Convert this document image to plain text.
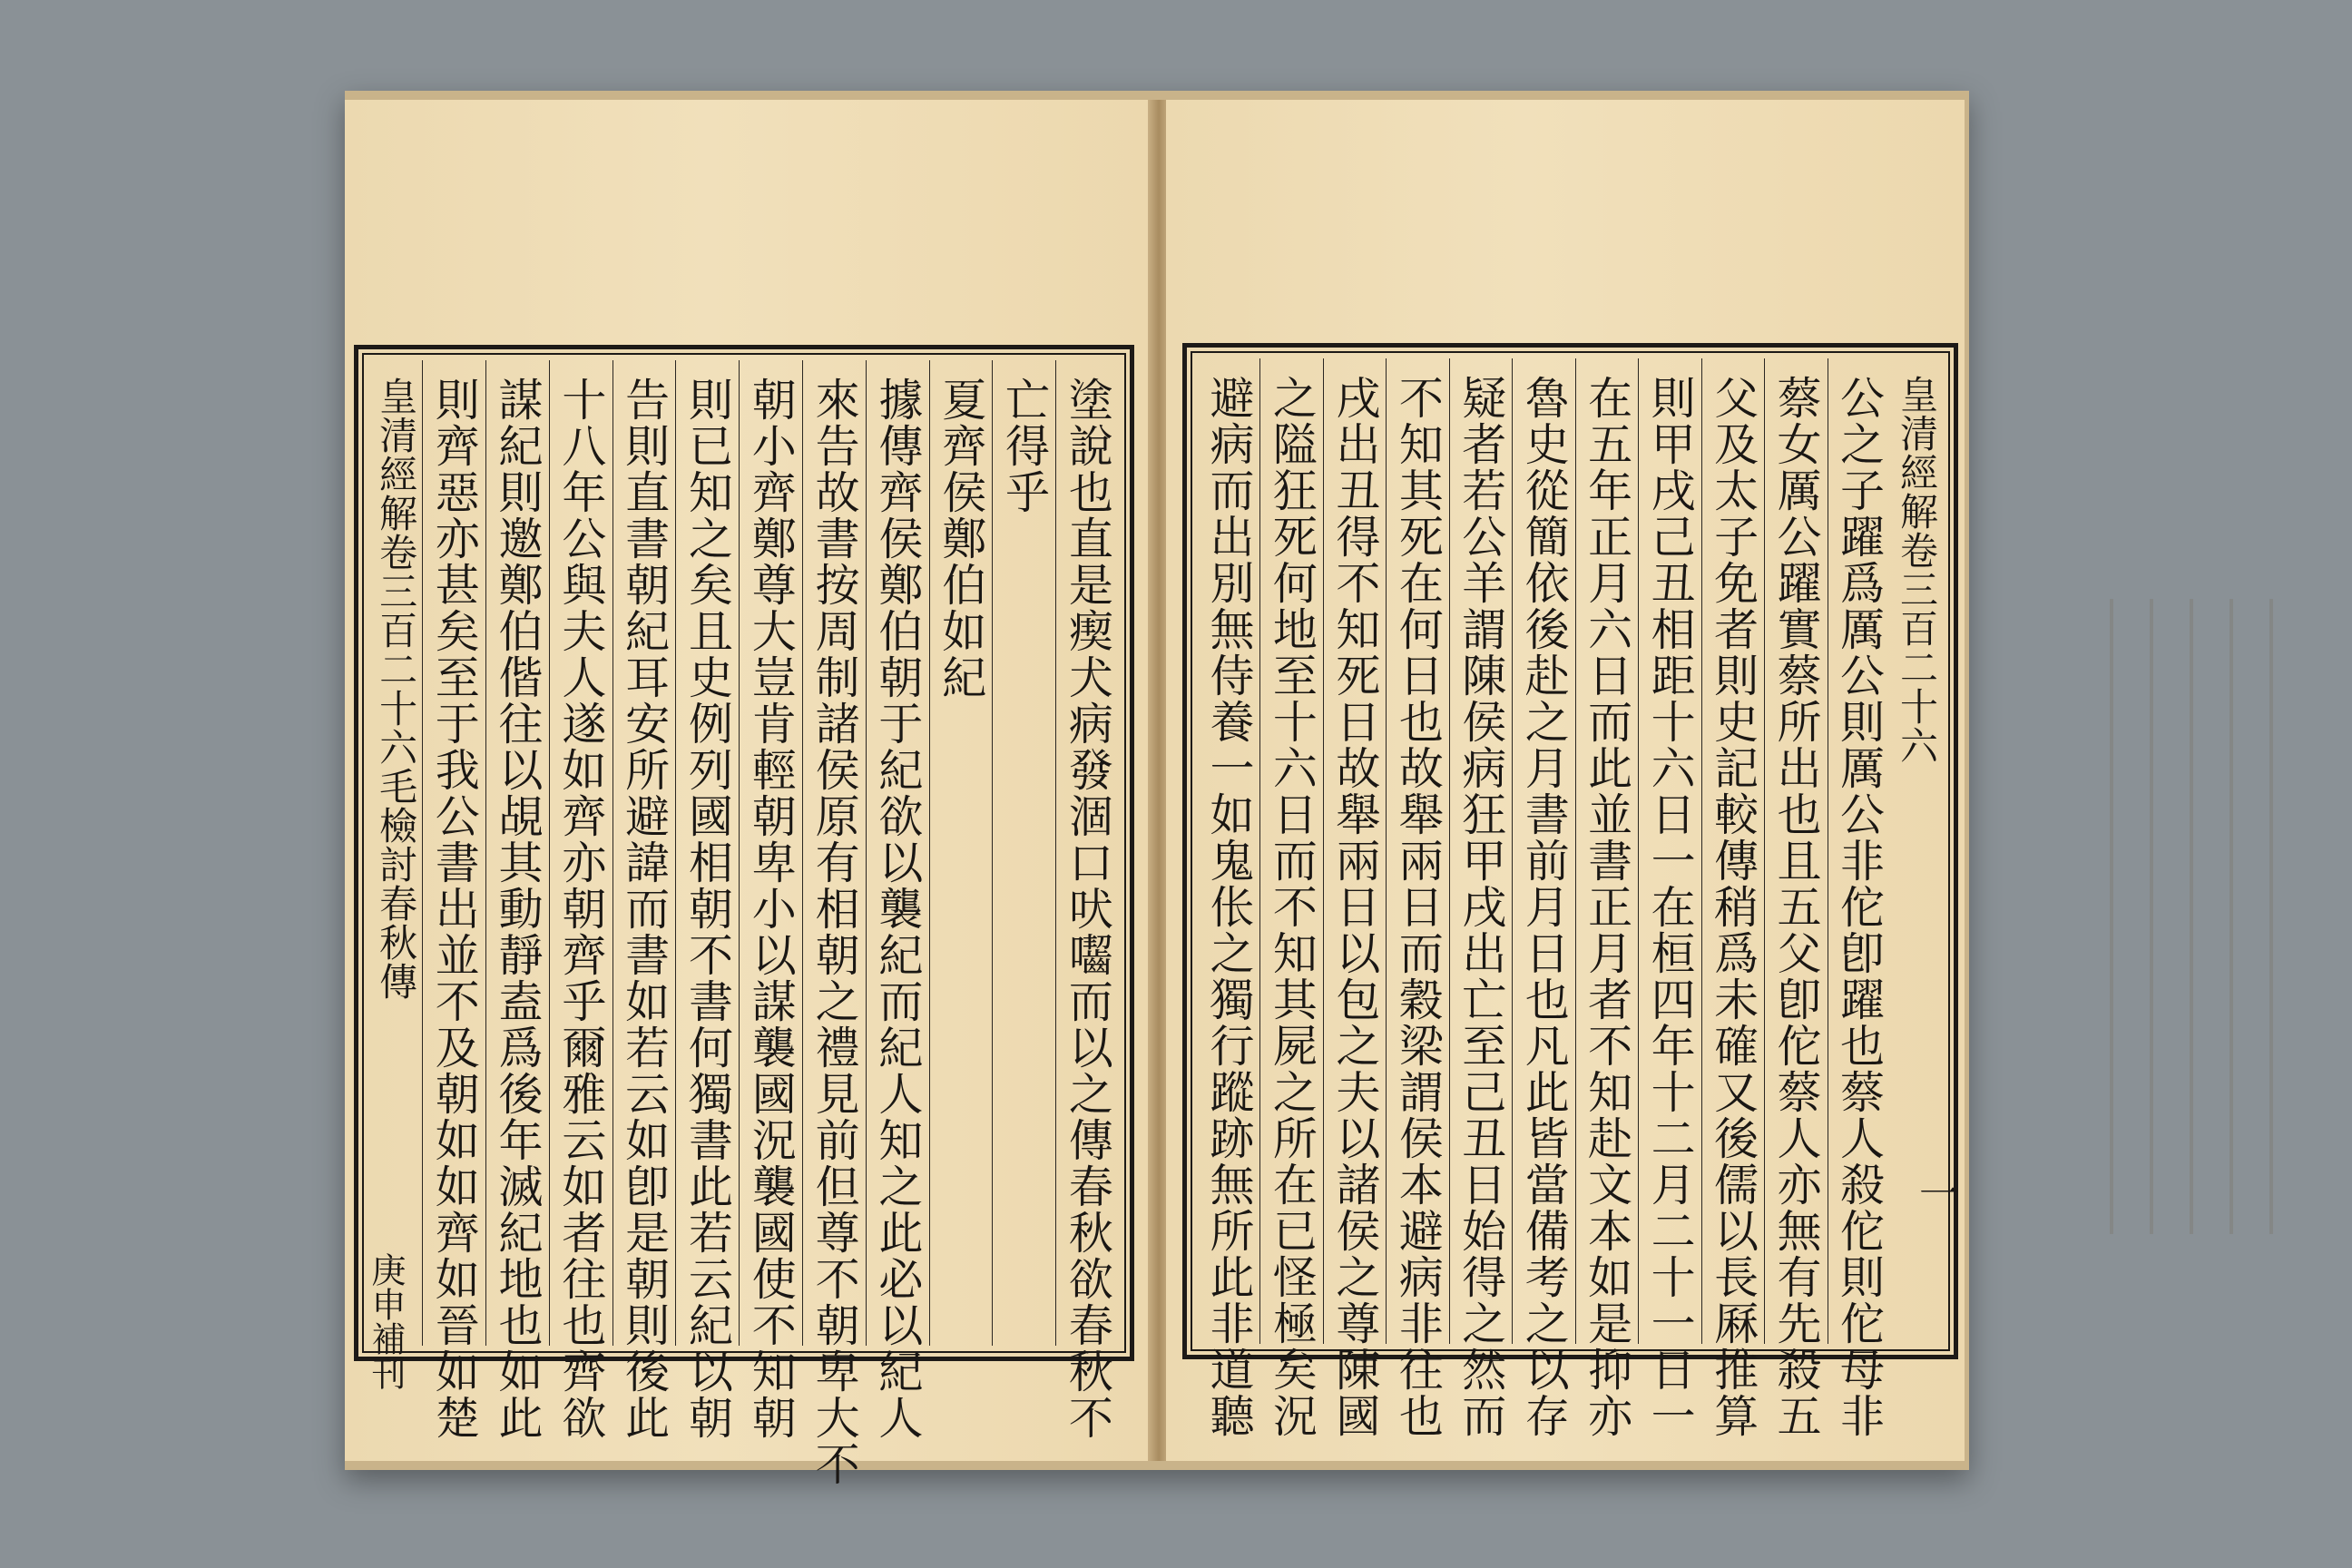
塗說也直是瘈犬病發涸口吠囓而以之傳春秋欲春秋不
亡得乎
夏齊侯鄭伯如紀
據傳齊侯鄭伯朝于紀欲以襲紀而紀人知之此必以紀人
來告故書按周制諸侯原有相朝之禮見前但尊不朝卑大不
朝小齊鄭尊大豈肯輕朝卑小以謀襲國況襲國使不知朝
則已知之矣且史例列國相朝不書何獨書此若云紀以朝
告則直書朝紀耳安所避諱而書如若云如卽是朝則後此
十八年公與夫人遂如齊亦朝齊乎爾雅云如者往也齊欲
謀紀則邀鄭伯偕往以覘其動靜盍爲後年滅紀地也如此
則齊惡亦甚矣至于我公書出並不及朝如如齊如晉如楚
皇清經解卷三百二十六毛檢討春秋傳
庚申補刊
皇清經解卷三百二十六
公之子躍爲厲公則厲公非佗卽躍也蔡人殺佗則佗母非
蔡女厲公躍實蔡所出也且五父卽佗蔡人亦無有先殺五
父及太子免者則史記較傳稍爲未確又後儒以長厤推算
則甲戌己丑相距十六日一在桓四年十二月二十一日一
在五年正月六日而此並書正月者不知赴文本如是抑亦
魯史從簡依後赴之月書前月日也凡此皆當備考之以存
疑者若公羊謂陳侯病狂甲戌出亡至己丑日始得之然而
不知其死在何日也故舉兩日而穀梁謂侯本避病非往也
戌出丑得不知死日故舉兩日以包之夫以諸侯之尊陳國
之隘狂死何地至十六日而不知其屍之所在已怪極矣況
避病而出別無侍養一如鬼伥之獨行蹤跡無所此非道聽	一
